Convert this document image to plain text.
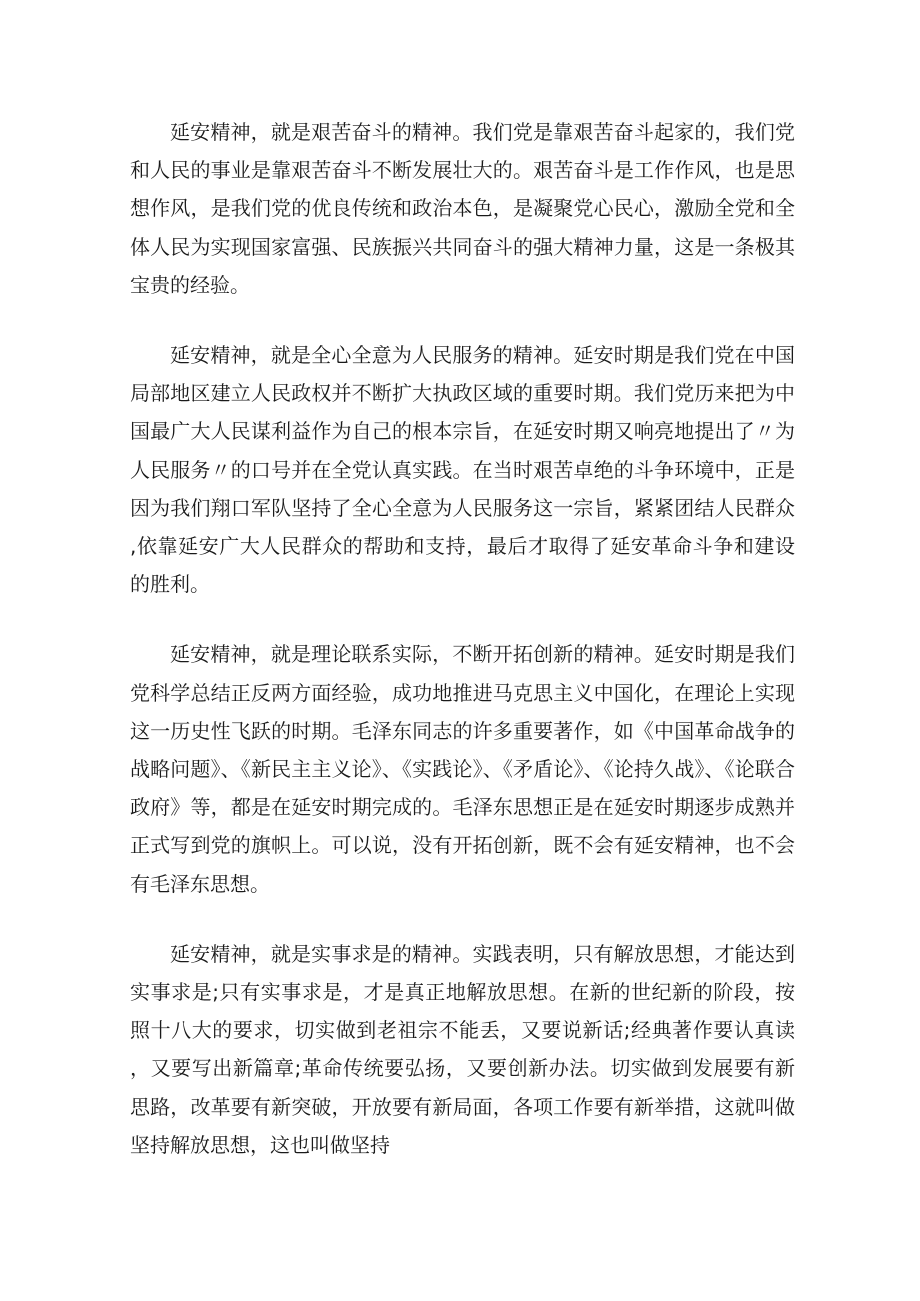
延安精神，就是艰苦奋斗的精神。我们党是靠艰苦奋斗起家的，我们党和人民的事业是靠艰苦奋斗不断发展壮大的。艰苦奋斗是工作作风，也是思想作风，是我们党的优良传统和政治本色，是凝聚党心民心，激励全党和全体人民为实现国家富强、民族振兴共同奋斗的强大精神力量，这是一条极其宝贵的经验。

延安精神，就是全心全意为人民服务的精神。延安时期是我们党在中国局部地区建立人民政权并不断扩大执政区域的重要时期。我们党历来把为中国最广大人民谋利益作为自己的根本宗旨，在延安时期又响亮地提出了〃为人民服务〃的口号并在全党认真实践。在当时艰苦卓绝的斗争环境中，正是因为我们翔口军队坚持了全心全意为人民服务这一宗旨，紧紧团结人民群众,依靠延安广大人民群众的帮助和支持，最后才取得了延安革命斗争和建设的胜利。

延安精神，就是理论联系实际，不断开拓创新的精神。延安时期是我们党科学总结正反两方面经验，成功地推进马克思主义中国化，在理论上实现这一历史性飞跃的时期。毛泽东同志的许多重要著作，如《中国革命战争的战略问题》、《新民主主义论》、《实践论》、《矛盾论》、《论持久战》、《论联合政府》等，都是在延安时期完成的。毛泽东思想正是在延安时期逐步成熟并正式写到党的旗帜上。可以说，没有开拓创新，既不会有延安精神，也不会有毛泽东思想。

延安精神，就是实事求是的精神。实践表明，只有解放思想，才能达到实事求是;只有实事求是，才是真正地解放思想。在新的世纪新的阶段，按照十八大的要求，切实做到老祖宗不能丢，又要说新话;经典著作要认真读，又要写出新篇章;革命传统要弘扬，又要创新办法。切实做到发展要有新思路，改革要有新突破，开放要有新局面，各项工作要有新举措，这就叫做坚持解放思想，这也叫做坚持
